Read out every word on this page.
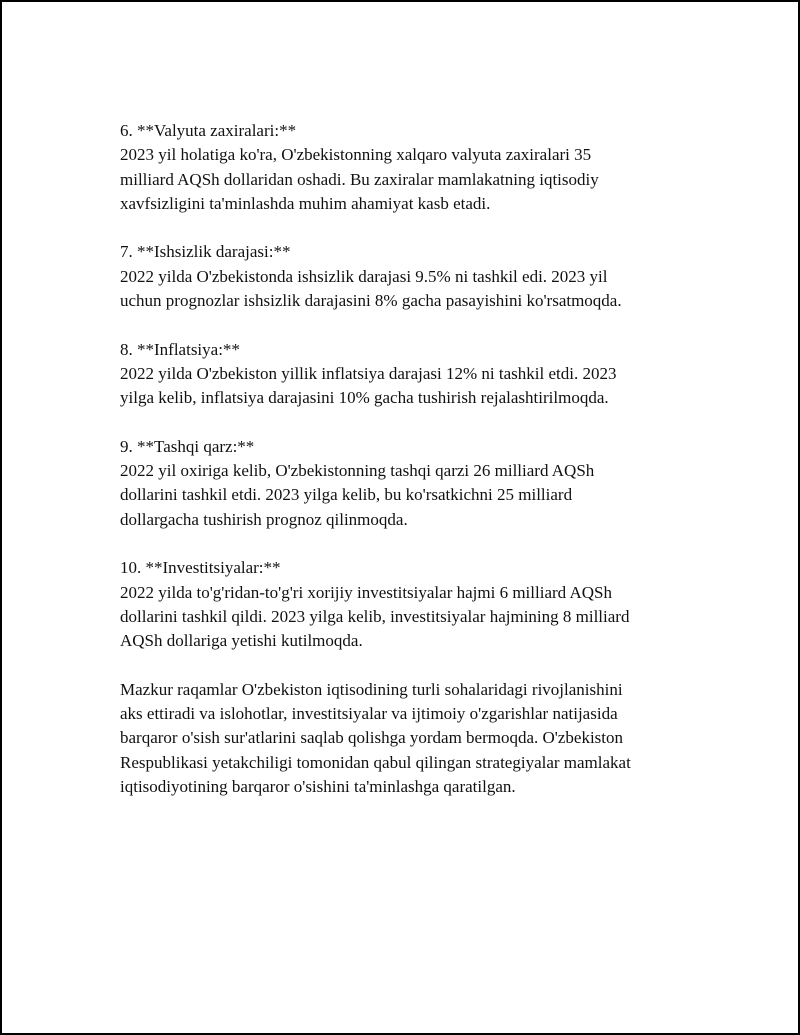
6. **Valyuta zaxiralari:**
2023 yil holatiga ko'ra, O'zbekistonning xalqaro valyuta zaxiralari 35
milliard AQSh dollaridan oshadi. Bu zaxiralar mamlakatning iqtisodiy
xavfsizligini ta'minlashda muhim ahamiyat kasb etadi.
7. **Ishsizlik darajasi:**
2022 yilda O'zbekistonda ishsizlik darajasi 9.5% ni tashkil edi. 2023 yil
uchun prognozlar ishsizlik darajasini 8% gacha pasayishini ko'rsatmoqda.
8. **Inflatsiya:**
2022 yilda O'zbekiston yillik inflatsiya darajasi 12% ni tashkil etdi. 2023
yilga kelib, inflatsiya darajasini 10% gacha tushirish rejalashtirilmoqda.
9. **Tashqi qarz:**
2022 yil oxiriga kelib, O'zbekistonning tashqi qarzi 26 milliard AQSh
dollarini tashkil etdi. 2023 yilga kelib, bu ko'rsatkichni 25 milliard
dollargacha tushirish prognoz qilinmoqda.
10. **Investitsiyalar:**
2022 yilda to'g'ridan-to'g'ri xorijiy investitsiyalar hajmi 6 milliard AQSh
dollarini tashkil qildi. 2023 yilga kelib, investitsiyalar hajmining 8 milliard
AQSh dollariga yetishi kutilmoqda.
Mazkur raqamlar O'zbekiston iqtisodining turli sohalaridagi rivojlanishini
aks ettiradi va islohotlar, investitsiyalar va ijtimoiy o'zgarishlar natijasida
barqaror o'sish sur'atlarini saqlab qolishga yordam bermoqda. O'zbekiston
Respublikasi yetakchiligi tomonidan qabul qilingan strategiyalar mamlakat
iqtisodiyotining barqaror o'sishini ta'minlashga qaratilgan.
